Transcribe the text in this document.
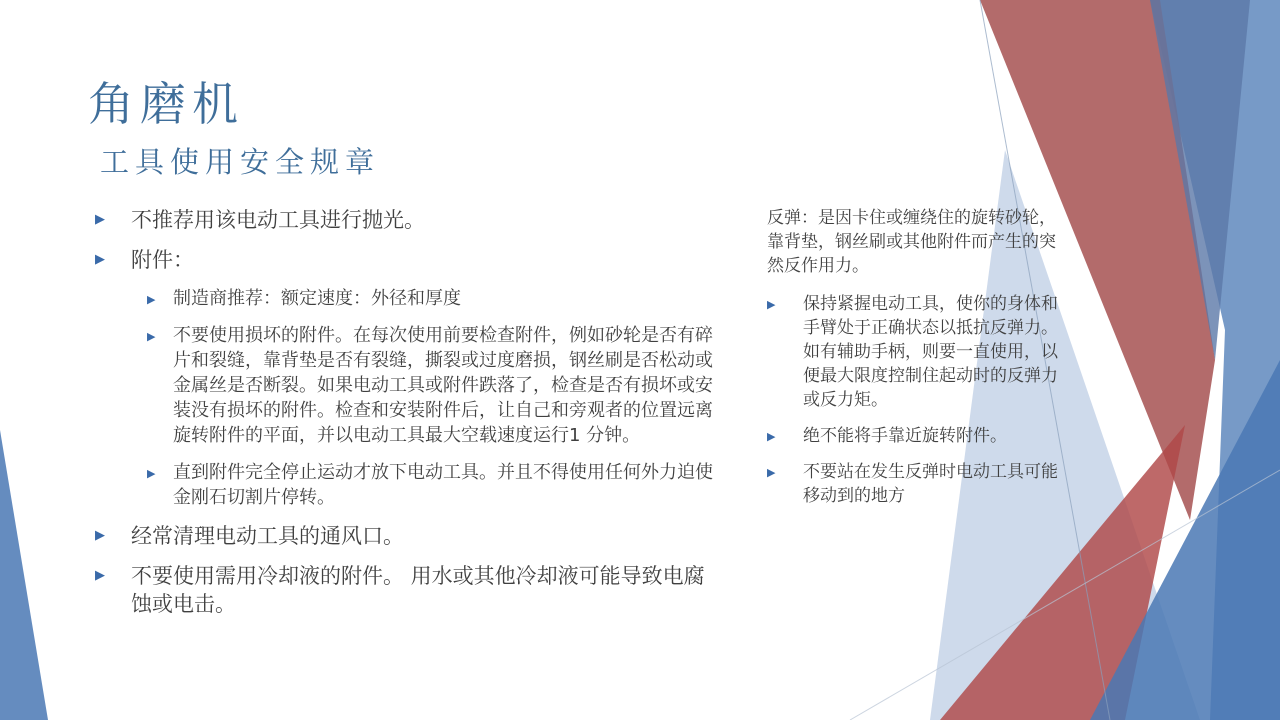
角磨机
工具使用安全规章
▶	不推荐用该电动工具进行抛光。
▶	附件：
▶ 制造商推荐：额定速度：外径和厚度
▶ 不要使用损坏的附件。在每次使用前要检查附件，例如砂轮是否有碎片和裂缝，靠背垫是否有裂缝，撕裂或过度磨损，钢丝刷是否松动或金属丝是否断裂。如果电动工具或附件跌落了，检查是否有损坏或安装没有损坏的附件。检查和安装附件后，让自己和旁观者的位置远离旋转附件的平面，并以电动工具最大空载速度运行1 分钟。
▶ 直到附件完全停止运动才放下电动工具。并且不得使用任何外力迫使金刚石切割片停转。
▶	经常清理电动工具的通风口。
▶	不要使用需用冷却液的附件。 用水或其他冷却液可能导致电腐蚀或电击。

反弹：是因卡住或缠绕住的旋转砂轮，靠背垫，钢丝刷或其他附件而产生的突然反作用力。

▶	保持紧握电动工具，使你的身体和手臂处于正确状态以抵抗反弹力。如有辅助手柄，则要一直使用，以便最大限度控制住起动时的反弹力或反力矩。
▶	绝不能将手靠近旋转附件。
▶	不要站在发生反弹时电动工具可能移动到的地方
